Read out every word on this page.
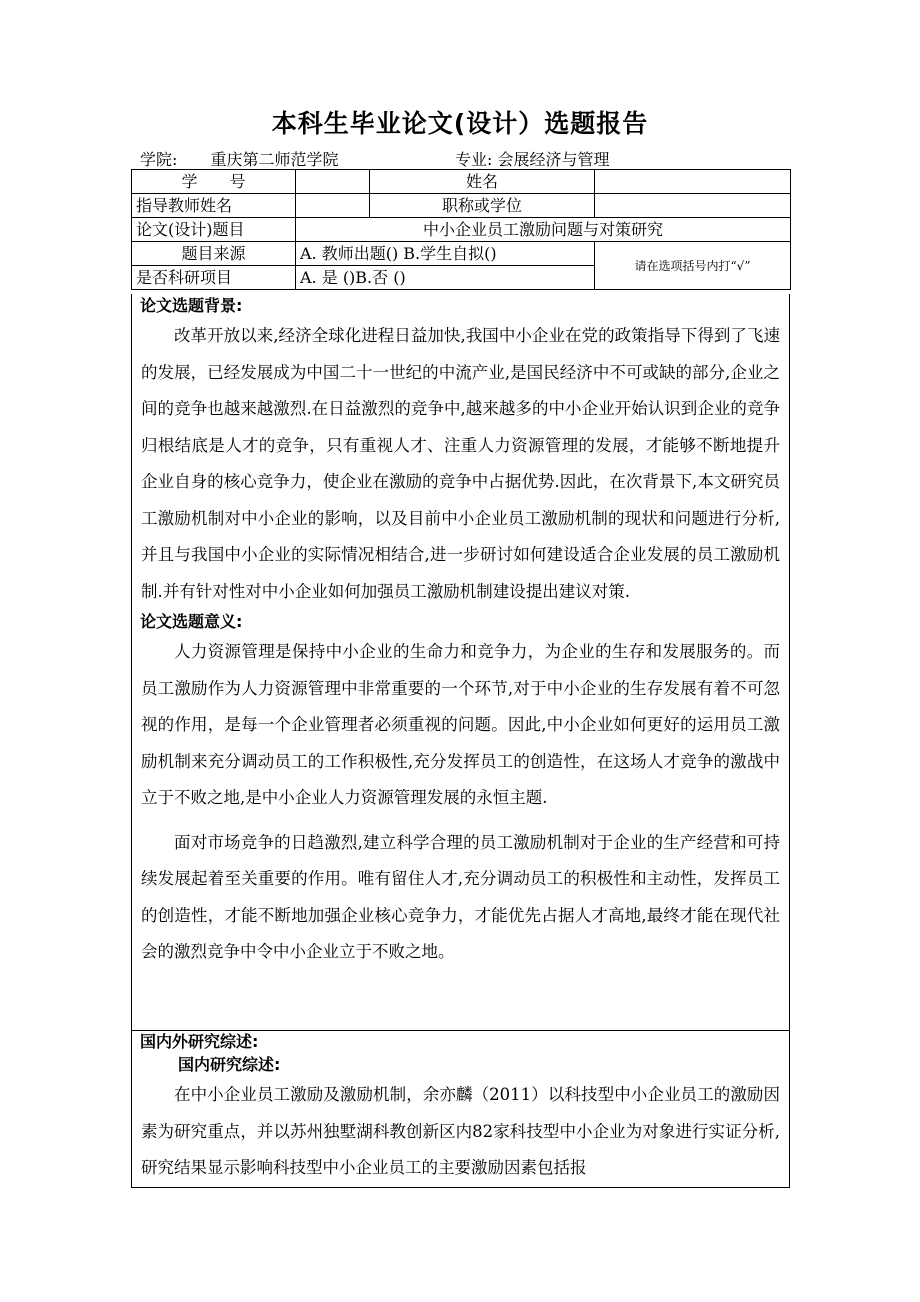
本科生毕业论文(设计）选题报告
学院: 重庆第二师范学院	专业: 会展经济与管理
学　　号		姓名	
指导教师姓名		职称或学位	
论文(设计)题目	中小企业员工激励问题与对策研究		
题目来源	A. 教师出题() B.学生自拟()		请在选项括号内打“√”
是否科研项目	A. 是 ()B.否 ()		
论文选题背景:

改革开放以来,经济全球化进程日益加快,我国中小企业在党的政策指导下得到了飞速的发展，已经发展成为中国二十一世纪的中流产业,是国民经济中不可或缺的部分,企业之间的竞争也越来越激烈.在日益激烈的竞争中,越来越多的中小企业开始认识到企业的竞争归根结底是人才的竞争，只有重视人才、注重人力资源管理的发展，才能够不断地提升企业自身的核心竞争力，使企业在激励的竞争中占据优势.因此，在次背景下,本文研究员工激励机制对中小企业的影响，以及目前中小企业员工激励机制的现状和问题进行分析,并且与我国中小企业的实际情况相结合,进一步研讨如何建设适合企业发展的员工激励机制.并有针对性对中小企业如何加强员工激励机制建设提出建议对策.

论文选题意义:

人力资源管理是保持中小企业的生命力和竞争力，为企业的生存和发展服务的。而员工激励作为人力资源管理中非常重要的一个环节,对于中小企业的生存发展有着不可忽视的作用，是每一个企业管理者必须重视的问题。因此,中小企业如何更好的运用员工激励机制来充分调动员工的工作积极性,充分发挥员工的创造性，在这场人才竞争的激战中立于不败之地,是中小企业人力资源管理发展的永恒主题.

面对市场竞争的日趋激烈,建立科学合理的员工激励机制对于企业的生产经营和可持续发展起着至关重要的作用。唯有留住人才,充分调动员工的积极性和主动性，发挥员工的创造性，才能不断地加强企业核心竞争力，才能优先占据人才高地,最终才能在现代社会的激烈竞争中令中小企业立于不败之地。

国内外研究综述:
国内研究综述:

在中小企业员工激励及激励机制，余亦麟（2011）以科技型中小企业员工的激励因素为研究重点，并以苏州独墅湖科教创新区内82家科技型中小企业为对象进行实证分析,研究结果显示影响科技型中小企业员工的主要激励因素包括报
